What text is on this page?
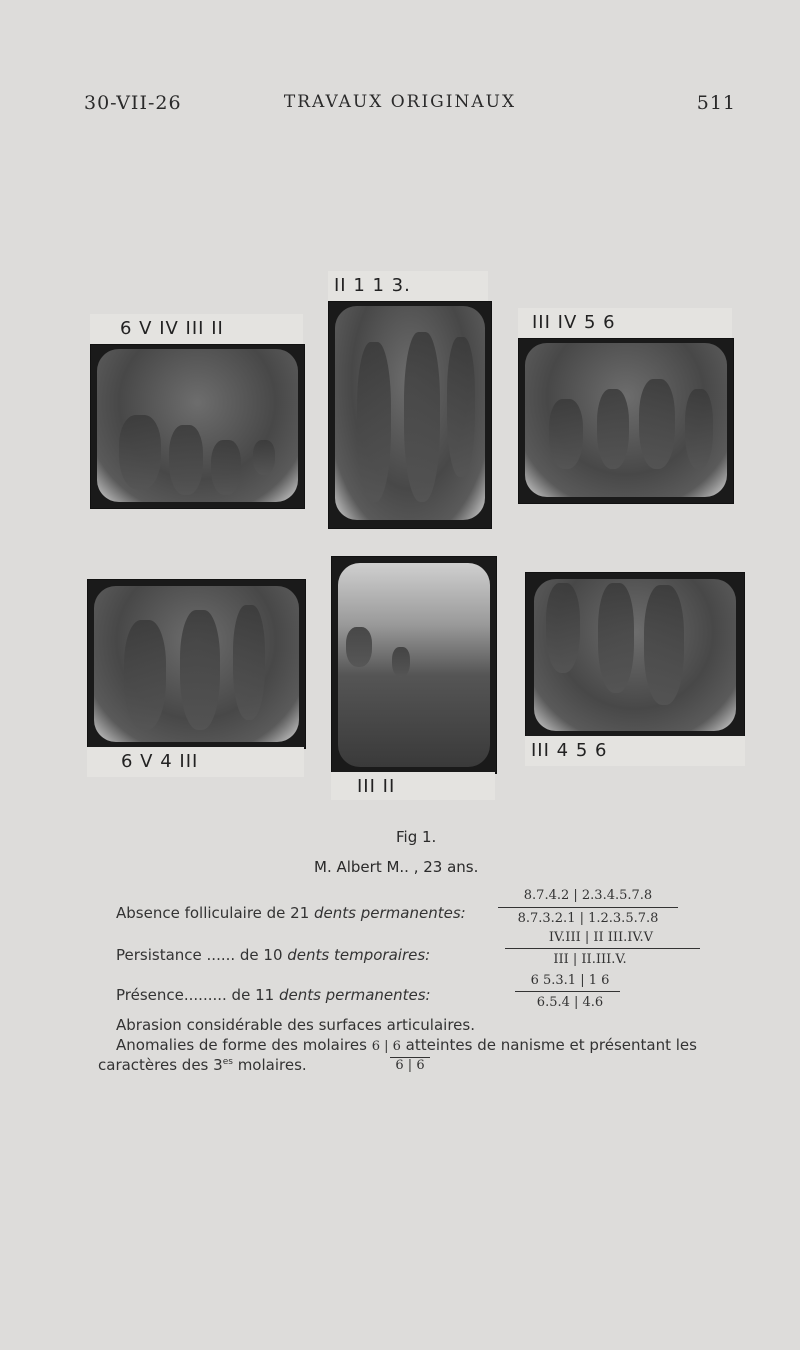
30-VII-26	TRAVAUX ORIGINAUX	511
6 V IV III II
II 1 1 3.
III IV 5 6
6 V 4 III
III II
III 4 5 6
Fig 1.
M. Albert M.. , 23 ans.
Absence folliculaire de 21 dents permanentes:
8.7.4.2 | 2.3.4.5.7.8
8.7.3.2.1 | 1.2.3.5.7.8
Persistance ...... de 10 dents temporaires:
IV.III | II III.IV.V
III | II.III.V.
Présence......... de 11 dents permanentes:
6 5.3.1 | 1 6
6.5.4 | 4.6
Abrasion considérable des surfaces articulaires.
Anomalies de forme des molaires 6 | 6 atteintes de nanisme et présentant les
caractères des $3^{es}$ molaires.	6 | 6
